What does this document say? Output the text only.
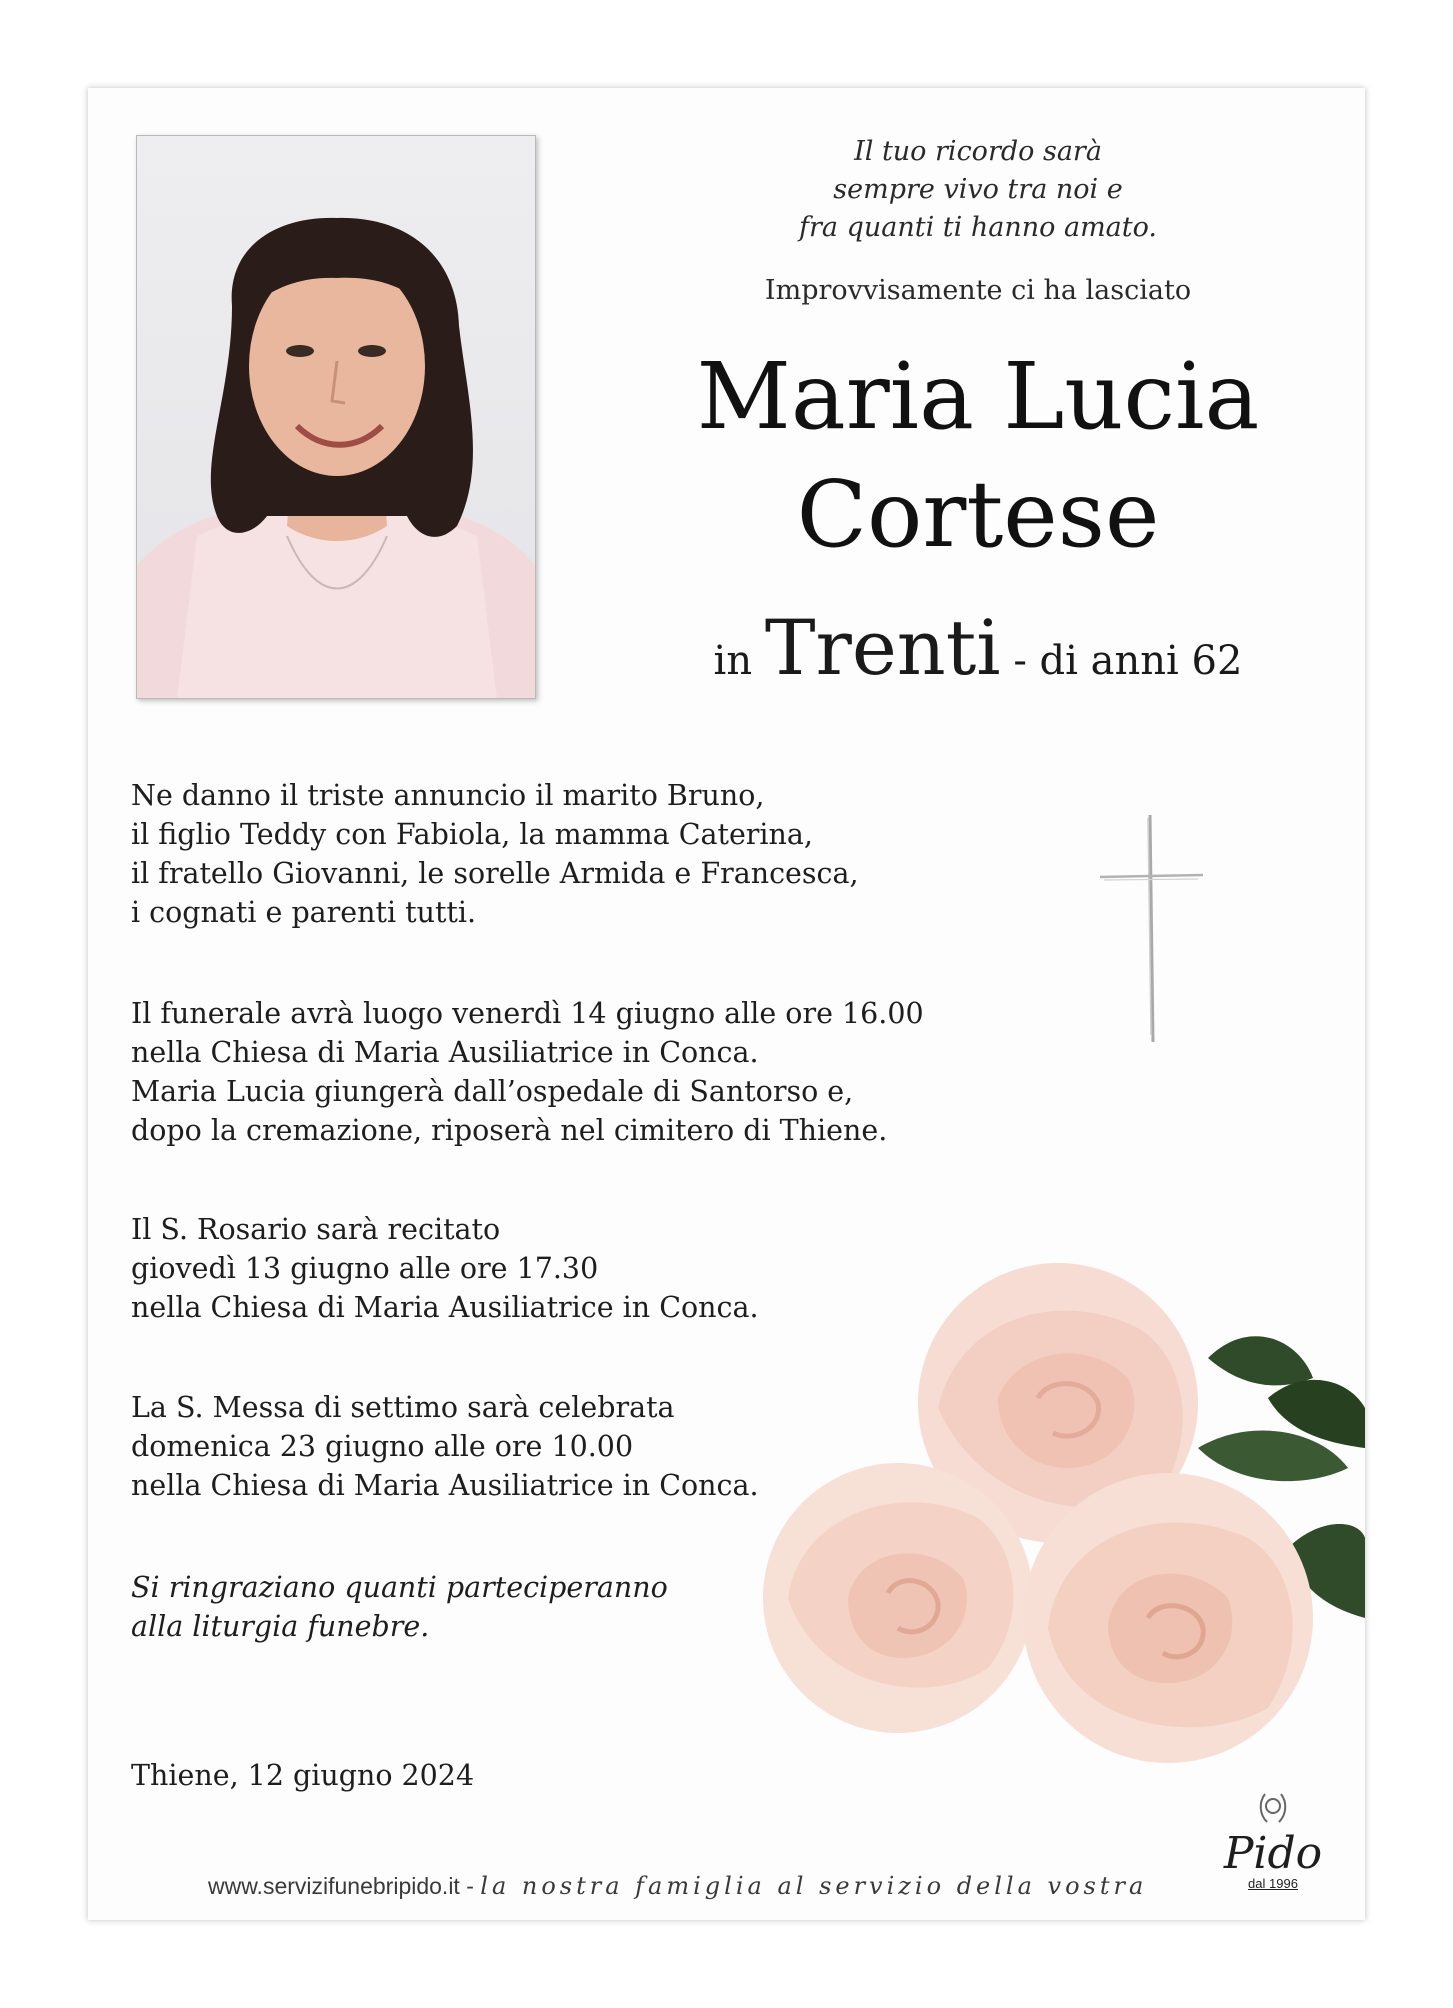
Il tuo ricordo sarà
sempre vivo tra noi e
fra quanti ti hanno amato.
Improvvisamente ci ha lasciato
Maria Lucia
Cortese
in Trenti - di anni 62
Ne danno il triste annuncio il marito Bruno,
il figlio Teddy con Fabiola, la mamma Caterina,
il fratello Giovanni, le sorelle Armida e Francesca,
i cognati e parenti tutti.
Il funerale avrà luogo venerdì 14 giugno alle ore 16.00
nella Chiesa di Maria Ausiliatrice in Conca.
Maria Lucia giungerà dall’ospedale di Santorso e,
dopo la cremazione, riposerà nel cimitero di Thiene.
Il S. Rosario sarà recitato
giovedì 13 giugno alle ore 17.30
nella Chiesa di Maria Ausiliatrice in Conca.
La S. Messa di settimo sarà celebrata
domenica 23 giugno alle ore 10.00
nella Chiesa di Maria Ausiliatrice in Conca.
Si ringraziano quanti parteciperanno
alla liturgia funebre.
Thiene, 12 giugno 2024
Pido
dal 1996
www.servizifunebripido.it - la nostra famiglia al servizio della vostra
